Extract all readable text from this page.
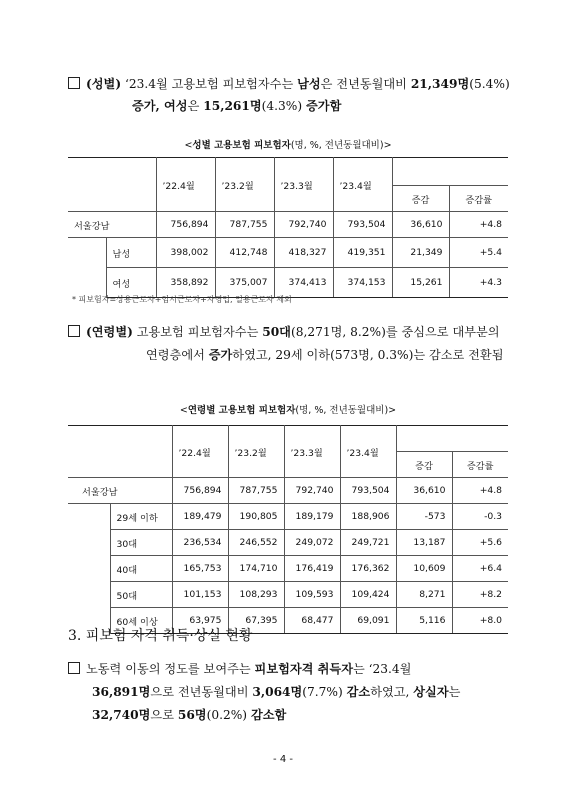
(성별) ‘23.4월 고용보험 피보험자수는 남성은 전년동월대비 21,349명(5.4%)
증가, 여성은 15,261명(4.3%) 증가함
<성별 고용보험 피보험자(명, %, 전년동월대비)>
		’22.4월	’23.2월	’23.3월	’23.4월		
						증감	증감률
서울강남		756,894	787,755	792,740	793,504	36,610	+4.8
	남성	398,002	412,748	418,327	419,351	21,349	+5.4
	여성	358,892	375,007	374,413	374,153	15,261	+4.3
* 피보험자=상용근로자+임시근로자+자영업, 일용근로자 제외
(연령별) 고용보험 피보험자수는 50대(8,271명, 8.2%)를 중심으로 대부분의
연령층에서 증가하였고, 29세 이하(573명, 0.3%)는 감소로 전환됨
<연령별 고용보험 피보험자(명, %, 전년동월대비)>
		’22.4월	’23.2월	’23.3월	’23.4월		
						증감	증감률
서울강남		756,894	787,755	792,740	793,504	36,610	+4.8
	29세 이하	189,479	190,805	189,179	188,906	-573	-0.3
	30대	236,534	246,552	249,072	249,721	13,187	+5.6
	40대	165,753	174,710	176,419	176,362	10,609	+6.4
	50대	101,153	108,293	109,593	109,424	8,271	+8.2
	60세 이상	63,975	67,395	68,477	69,091	5,116	+8.0
3. 피보험 자격 취득·상실 현황
노동력 이동의 정도를 보여주는 피보험자격 취득자는 ‘23.4월
36,891명으로 전년동월대비 3,064명(7.7%) 감소하였고, 상실자는
32,740명으로 56명(0.2%) 감소함
- 4 -
